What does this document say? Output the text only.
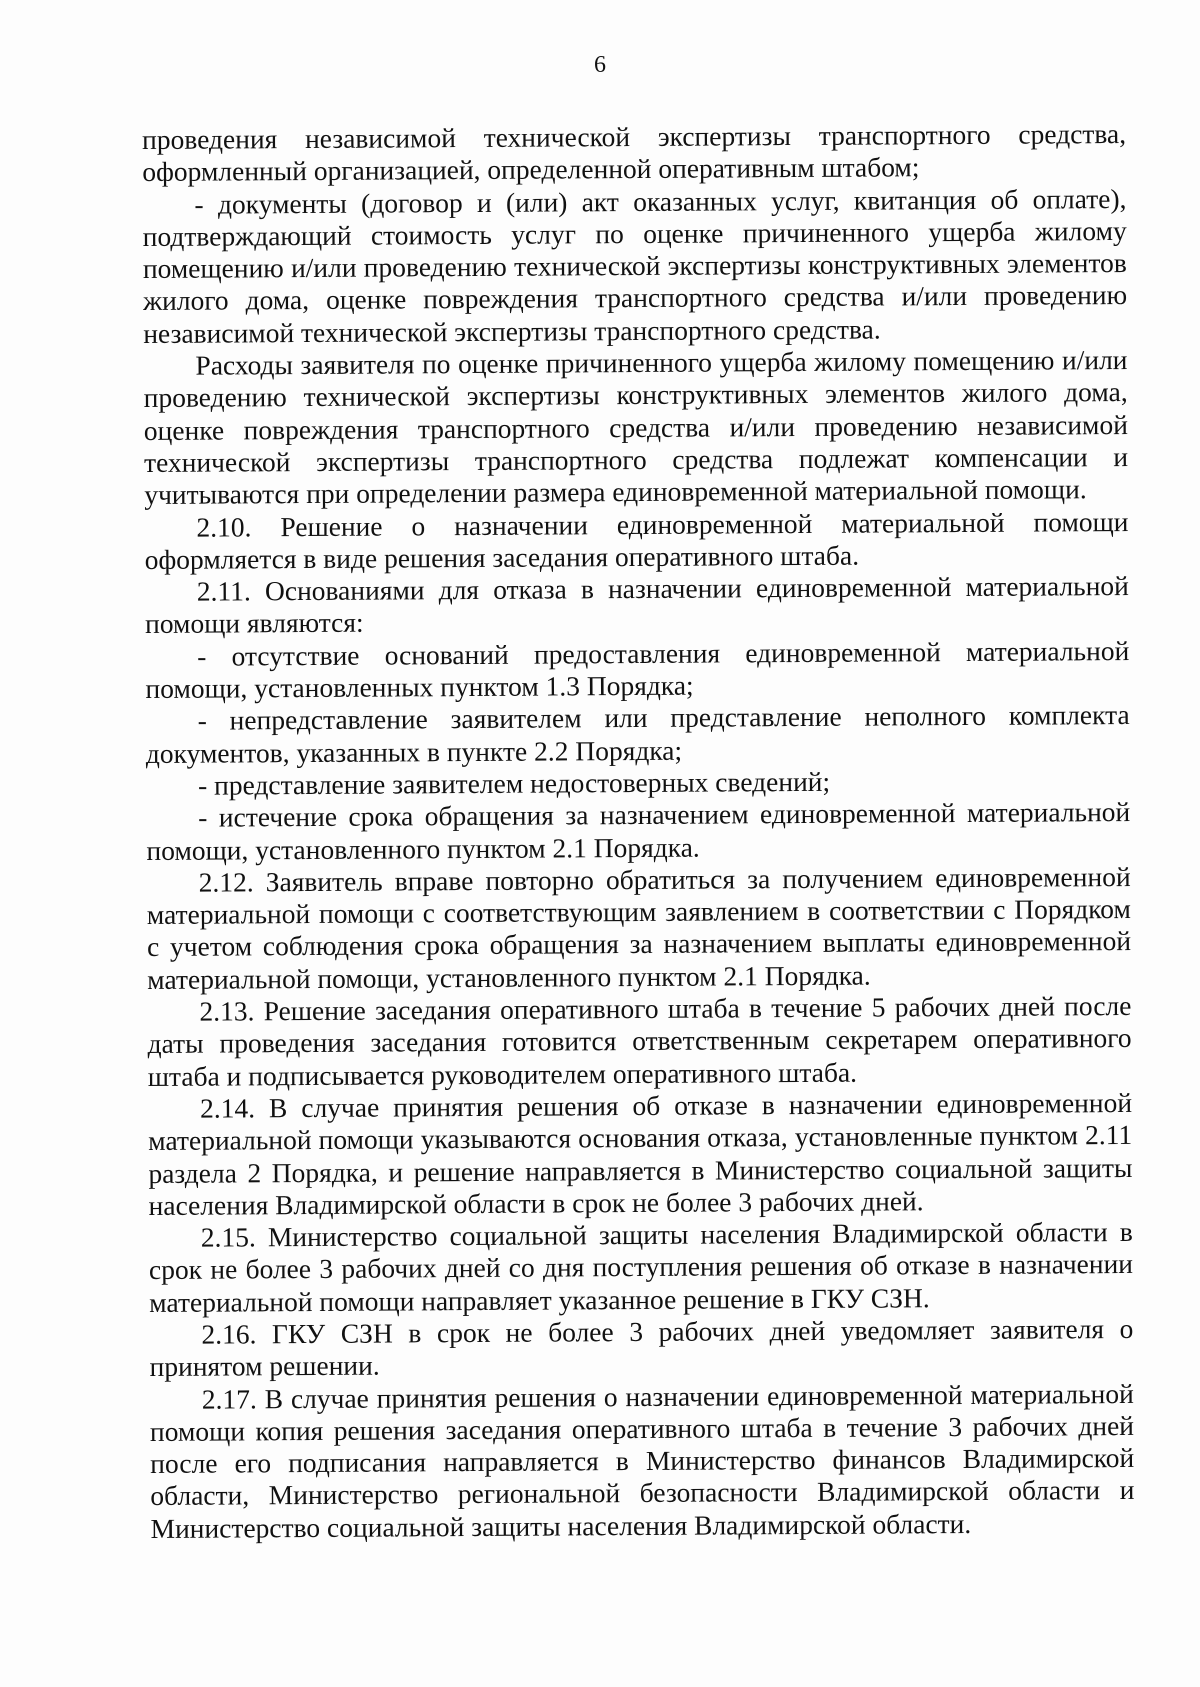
6

проведения независимой технической экспертизы транспортного средства, оформленный организацией, определенной оперативным штабом;

- документы (договор и (или) акт оказанных услуг, квитанция об оплате), подтверждающий стоимость услуг по оценке причиненного ущерба жилому помещению и/или проведению технической экспертизы конструктивных элементов жилого дома, оценке повреждения транспортного средства и/или проведению независимой технической экспертизы транспортного средства.

Расходы заявителя по оценке причиненного ущерба жилому помещению и/или проведению технической экспертизы конструктивных элементов жилого дома, оценке повреждения транспортного средства и/или проведению независимой технической экспертизы транспортного средства подлежат компенсации и учитываются при определении размера единовременной материальной помощи.

2.10. Решение о назначении единовременной материальной помощи оформляется в виде решения заседания оперативного штаба.

2.11. Основаниями для отказа в назначении единовременной материальной помощи являются:

- отсутствие оснований предоставления единовременной материальной помощи, установленных пунктом 1.3 Порядка;

- непредставление заявителем или представление неполного комплекта документов, указанных в пункте 2.2 Порядка;

- представление заявителем недостоверных сведений;

- истечение срока обращения за назначением единовременной материальной помощи, установленного пунктом 2.1 Порядка.

2.12. Заявитель вправе повторно обратиться за получением единовременной материальной помощи с соответствующим заявлением в соответствии с Порядком с учетом соблюдения срока обращения за назначением выплаты единовременной материальной помощи, установленного пунктом 2.1 Порядка.

2.13. Решение заседания оперативного штаба в течение 5 рабочих дней после даты проведения заседания готовится ответственным секретарем оперативного штаба и подписывается руководителем оперативного штаба.

2.14. В случае принятия решения об отказе в назначении единовременной материальной помощи указываются основания отказа, установленные пунктом 2.11 раздела 2 Порядка, и решение направляется в Министерство социальной защиты населения Владимирской области в срок не более 3 рабочих дней.

2.15. Министерство социальной защиты населения Владимирской области в срок не более 3 рабочих дней со дня поступления решения об отказе в назначении материальной помощи направляет указанное решение в ГКУ СЗН.

2.16. ГКУ СЗН в срок не более 3 рабочих дней уведомляет заявителя о принятом решении.

2.17. В случае принятия решения о назначении единовременной материальной помощи копия решения заседания оперативного штаба в течение 3 рабочих дней после его подписания направляется в Министерство финансов Владимирской области, Министерство региональной безопасности Владимирской области и Министерство социальной защиты населения Владимирской области.
